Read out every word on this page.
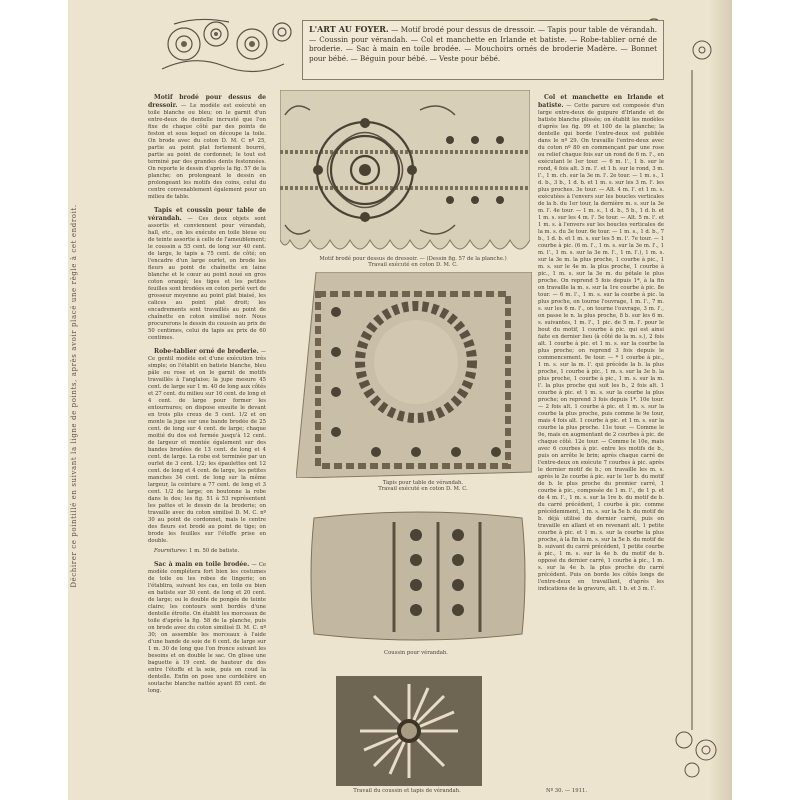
L'ART AU FOYER. — Motif brodé pour dessus de dressoir. — Tapis pour table de vérandah. — Coussin pour vérandah. — Col et manchette en Irlande et batiste. — Robe-tablier orné de broderie. — Sac à main en toile brodée. — Mouchoirs ornés de broderie Madère. — Bonnet pour bébé. — Béguin pour bébé. — Veste pour bébé.
Déchirer ce pointillé en suivant la ligne de points, après avoir placé une règle à cet endroit.

Motif brodé pour dessus de dressoir. — Le modèle est exécuté en toile blanche ou bleu; on le garnit d'un entre-deux de dentelle incrusté que l'on fixe de chaque côté par des points de feston et sous lequel on découpe la toile. On brode avec du coton D. M. C nº 25, partie au point plat fortement bourré, partie au point de cordonnet; le tout est terminé par des grandes dents festonnées. On reporte le dessin d'après la fig. 57 de la planche; on prolongeant le dessin en prolongeant les motifs des coins, celui du centre convenablement également pour un milieu de table.

Tapis et coussin pour table de vérandah. — Ces deux objets sont assortis et conviennent pour vérandah, hall, etc., on les exécute en toile bleue ou de teinte assortie à celle de l'ameublement; le coussin a 55 cent. de long sur 40 cent. de large, le tapis a 75 cent. de côté; on l'encadre d'un large ourlet, on brode les fleurs au point de chaînette en laine blanche et le cœur au point noué en gros coton orangé; les tiges et les petites feuilles sont brodées en coton perlé vert de grosseur moyenne au point plat biaisé, les calices au point plat droit; les encadrements sont travaillés au point de chaînette en coton similisé noir. Nous procurerons le dessin du coussin au prix de 50 centimes, celui du tapis au prix de 60 centimes.

Robe-tablier orné de broderie. — Ce gentil modèle est d'une exécution très simple; on l'établit en batiste blanche, bleu pâle ou rose et on le garnit de motifs travaillés à l'anglaise; la jupe mesure 45 cent. de large sur 1 m. 40 de long aux côtés et 27 cent. du milieu sur 16 cent. de long et 4 cent. de large pour former les entournures; on dispose ensuite le devant en trois plis creux de 5 cent. 1/2 et on monte la jupe sur une bande brodée de 25 cent. de long sur 4 cent. de large; chaque moitié du dos est fermée jusqu'à 12 cent. de largeur et montée également sur des bandes brodées de 13 cent. de long et 4 cent. de large. La robe est terminée par un ourlet de 3 cent. 1/2; les épaulettes ont 12 cent. de long et 4 cent. de large, les petites manches 34 cent. de long sur la même largeur, la ceinture a 77 cent. de long et 3 cent. 1/2 de large; on boutonne la robe dans le dos; les fig. 51 à 53 représentent les pattes et le dessin de la broderie; on travaille avec du coton similisé D. M. C. nº 30 au point de cordonnet, mais le centre des fleurs est brodé au point de tige; on brode les feuilles sur l'étoffe prise en double.

Fournitures: 1 m. 50 de batiste.

Sac à main en toile brodée. — Ce modèle complétera fort bien les costumes de toile ou les robes de lingerie; on l'établira, suivant les cas, en toile ou bien en batiste sur 30 cent. de long et 20 cent. de large; ou le double de pongée de teinte claire; les contours sont bordés d'une dentelle étroite. On établit les morceaux de toile d'après la fig. 58 de la planche, puis on brode avec du coton similisé D. M. C. nº 30; on assemble les morceaux à l'aide d'une bande de soie de 6 cent. de large sur 1 m. 30 de long que l'on fronce suivant les besoins et on double le sac. On glisse une baguette à 19 cent. de hauteur du dos entre l'étoffe et la soie, puis on coud la dentelle. Enfin on pose une cordelière en soutache blanche nattée ayant 85 cent. de long.

Col et manchette en Irlande et batiste. — Cette parure est composée d'un large entre-deux de guipure d'Irlande et de batiste blanche plissée; on établit les modèles d'après les fig. 99 et 100 de la planche; la dentelle qui borde l'entre-deux est publiée dans le nº 29. On travaille l'entre-deux avec du coton nº 80 en commençant par une rose ou relief chaque fois sur un rond de 6 m. l'., en exécutant le 1er tour. — 6 m. l'., 1 b. sur le rond, 4 fois alt. 3 m. l'. et 1 b. sur le rond, 3 m. l'., 1 m. ch. sur la 3e m. l'. 2e tour. — 1 m. s., 1 d. b., 3 b., 1 d. b. et 1 m. s. sur les 3 m. l'. les plus proches. 3e tour. — Alt. 4 m. l'. et 1 m. s. exécutées à l'envers sur les boucles verticales de la b. du 1er tour, la dernière m. s. sur la 3e m. l'. 4e tour. — 1 m. s., 1 d. b., 5 b., 1 d. b. et 1 m. s. sur les 4 m. l'. 5e tour. — Alt. 5 m. l'. et 1 m. s. à l'envers sur les boucles verticales de la m. s. du 3e tour. 6e tour. — 1 m. s., 1 d. b., 7 b., 1 d. b. et 1 m. s. sur les 5 m. l'. 7e tour. — 1 courbe à pic. (6 m. l'., 1 m. s. sur la 3e m. l'., 1 m. l'., 1 m. s. sur la 3e m. l'., 1 m. l'.), 1 m. s. sur la 3e m. la plus proche, 1 courbe à pic., 1 m. s. sur le 4e m. la plus proche, 1 courbe à pic., 1 m. s. sur la 3e m. du pétale le plus proche. On reprend 5 fois depuis 1*, à la fin on travaille la m. s. sur la 1re courbe à pic. 8e tour. — 6 m. l'., 1 m. s. sur la courbe à pic. la plus proche, on tourne l'ouvrage, 1 m. l'., 7 m. s. sur les 6 m. l'., on tourne l'ouvrage, 3 m. l'., on passe le n. la plus proche, 8 b. sur les 6 m. s. suivantes, 1 m. l'., 1 pic. de 5 m. l'. pour le bout du motif, 1 courbe à pic. qui est ainsi faite en dernier lieu (à côté de la m. s.), 2 fois alt. 1 courbe à pic. et 1 m. s. sur la courbe la plus proche; on reprend 3 fois depuis le commencement. 9e tour. — * 1 courbe à pic., 1 m. s. sur la m. l'. qui précède la b. la plus proche, 1 courbe à pic., 1 m. s. sur la 3e b. la plus proche, 1 courbe à pic., 1 m. s. sur la m. l'. la plus proche qui suit les b., 2 fois alt. 1 courbe à pic. et 1 m. s. sur la courbe la plus proche; on reprend 3 fois depuis 1*. 10e tour. — 2 fois alt. 1 courbe à pic. et 1 m. s. sur la courbe la plus proche, puis comme le 9e tour, mais 4 fois alt. 1 courbe à pic. et 1 m. s. sur la courbe la plus proche. 11e tour. — Comme le 9e, mais en augmentant de 2 courbes à pic. de chaque côté. 12e tour. — Comme le 10e, mais avec 6 courbes à pic. entre les motifs de b., puis on arrête le brin; après chaque carré de l'entre-deux on exécute 7 courbes à pic. après le dernier motif de b.; on travaille les m. s. après le 2e courbe à pic. sur le 1er b. du motif de b. le plus proche du premier carré, 1 courbe à pic., composée de 1 m. l'., de 1 p. et de 4 m. l'., 1 m. s. sur la 1re b. du motif de b. du carré précédent, 1 courbe à pic. comme précédemment, 1 m. s. sur la 5e b. du motif de b. déjà utilisé du dernier carré, puis on travaille en allant et en revenant alt. 1 petite courbe à pic. et 1 m. s. sur la courbe la plus proche, à la fin la m. s. sur la 5e b. du motif de b. suivant du carré précédent, 1 petite courbe à pic., 1 m. s. sur la 4e b. du motif de b. opposé du dernier carré, 1 courbe à pic., 1 m. s. sur la 4e b. la plus proche du carré précédent. Puis on borde les côtés longs de l'entre-deux en travaillant, d'après les indications de la gravure, alt. 1 b. et 3 m. l'.

Motif brodé pour dessus de dressoir. — (Dessin fig. 57 de la planche.)
Travail exécuté en coton D. M. C.
Tapis pour table de vérandah.
Travail exécuté en coton D. M. C.
Coussin pour vérandah.
Travail du coussin et tapis de vérandah.	Nº 30. — 1911.
